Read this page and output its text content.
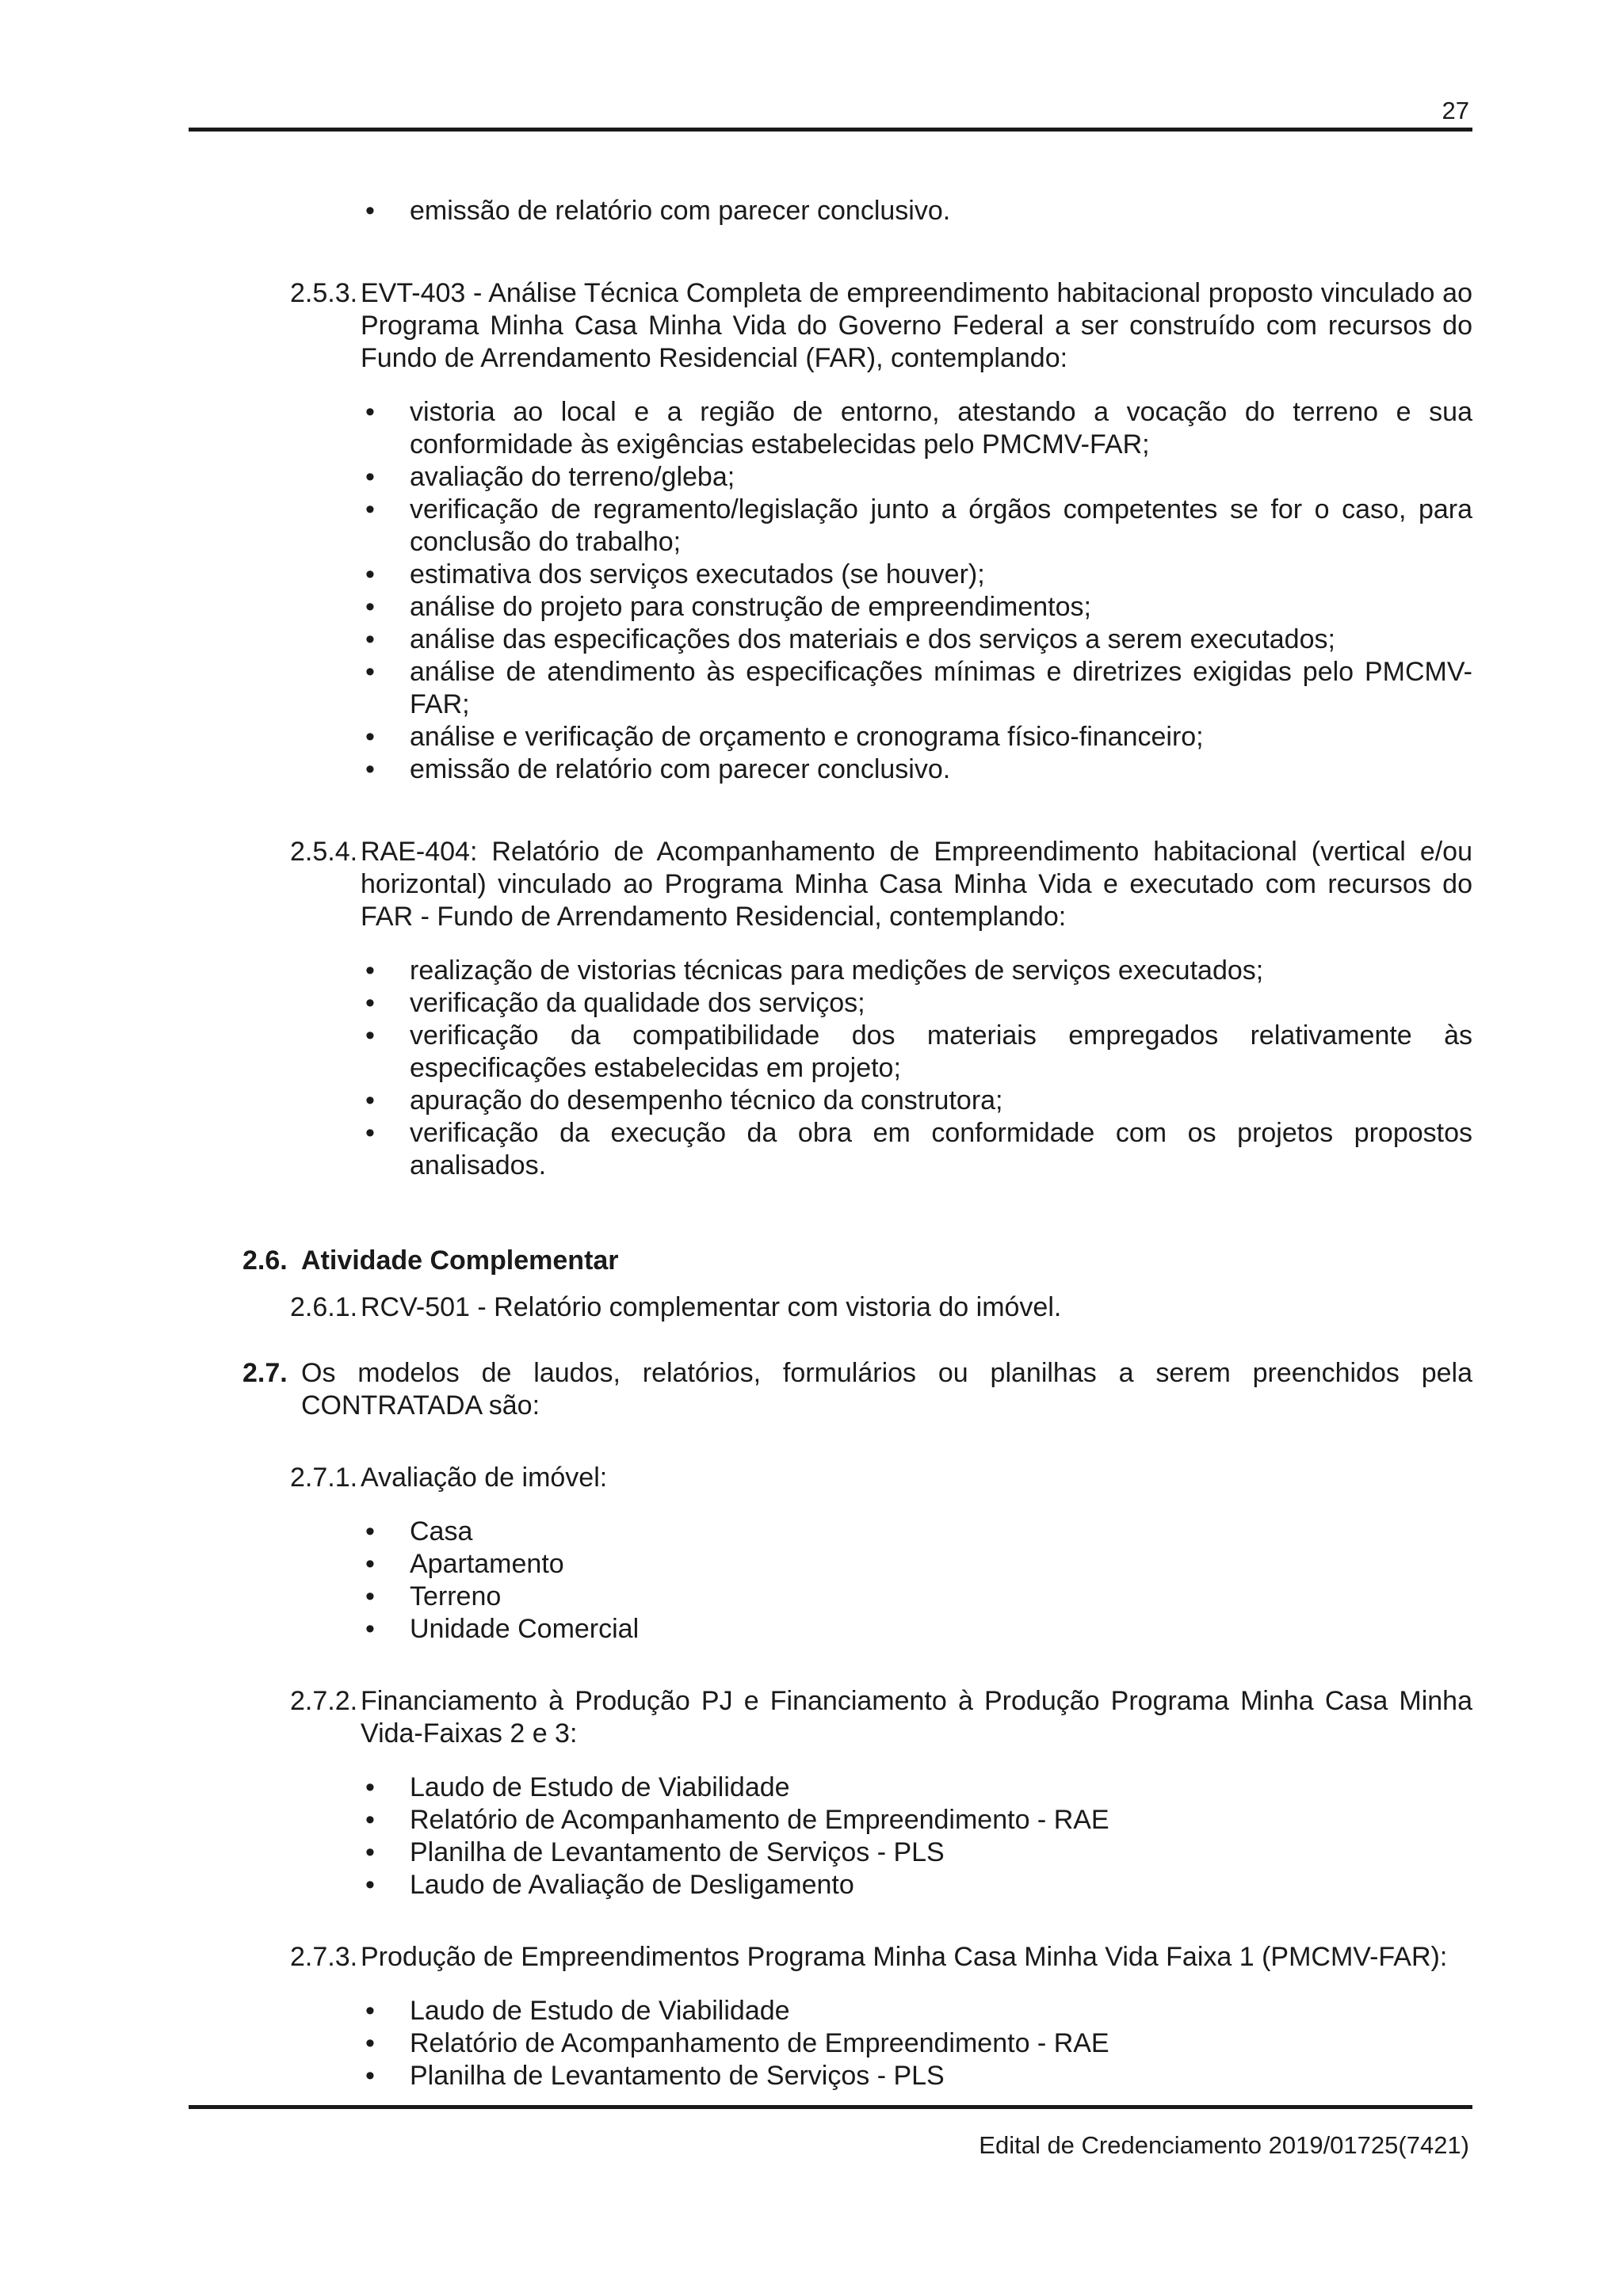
27
• emissão de relatório com parecer conclusivo.
2.5.3. EVT-403 - Análise Técnica Completa de empreendimento habitacional proposto vinculado ao Programa Minha Casa Minha Vida do Governo Federal a ser construído com recursos do Fundo de Arrendamento Residencial (FAR), contemplando:
• vistoria ao local e a região de entorno, atestando a vocação do terreno e sua conformidade às exigências estabelecidas pelo PMCMV-FAR;
• avaliação do terreno/gleba;
• verificação de regramento/legislação junto a órgãos competentes se for o caso, para conclusão do trabalho;
• estimativa dos serviços executados (se houver);
• análise do projeto para construção de empreendimentos;
• análise das especificações dos materiais e dos serviços a serem executados;
• análise de atendimento às especificações mínimas e diretrizes exigidas pelo PMCMV-FAR;
• análise e verificação de orçamento e cronograma físico-financeiro;
• emissão de relatório com parecer conclusivo.
2.5.4. RAE-404: Relatório de Acompanhamento de Empreendimento habitacional (vertical e/ou horizontal) vinculado ao Programa Minha Casa Minha Vida e executado com recursos do FAR - Fundo de Arrendamento Residencial, contemplando:
• realização de vistorias técnicas para medições de serviços executados;
• verificação da qualidade dos serviços;
• verificação da compatibilidade dos materiais empregados relativamente às especificações estabelecidas em projeto;
• apuração do desempenho técnico da construtora;
• verificação da execução da obra em conformidade com os projetos propostos analisados.
2.6. Atividade Complementar
2.6.1. RCV-501 - Relatório complementar com vistoria do imóvel.
2.7. Os modelos de laudos, relatórios, formulários ou planilhas a serem preenchidos pela CONTRATADA são:
2.7.1. Avaliação de imóvel:
• Casa
• Apartamento
• Terreno
• Unidade Comercial
2.7.2. Financiamento à Produção PJ e Financiamento à Produção Programa Minha Casa Minha Vida-Faixas 2 e 3:
• Laudo de Estudo de Viabilidade
• Relatório de Acompanhamento de Empreendimento - RAE
• Planilha de Levantamento de Serviços - PLS
• Laudo de Avaliação de Desligamento
2.7.3. Produção de Empreendimentos Programa Minha Casa Minha Vida Faixa 1 (PMCMV-FAR):
• Laudo de Estudo de Viabilidade
• Relatório de Acompanhamento de Empreendimento - RAE
• Planilha de Levantamento de Serviços - PLS
Edital de Credenciamento 2019/01725(7421)
